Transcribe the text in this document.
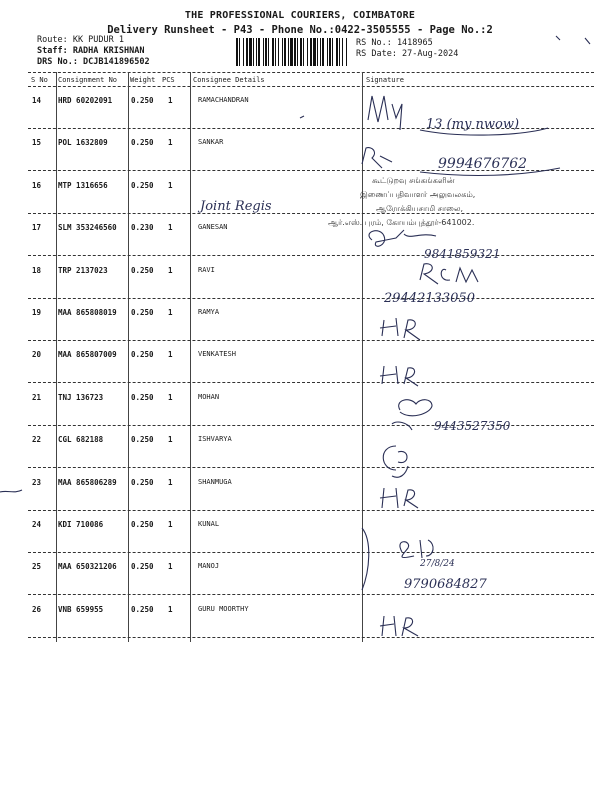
THE PROFESSIONAL COURIERS, COIMBATORE
Delivery Runsheet - P43 - Phone No.:0422-3505555 - Page No.:2
Route: KK PUDUR 1
Staff: RADHA KRISHNAN
DRS No.: DCJB141896502
RS No.: 1418965
RS Date: 27-Aug-2024
S No Consignment No Weight PCS	Consignee Details	Signature
14 HRD 60202091	0.250 1	RAMACHANDRAN
15 POL 1632809	0.250 1	SANKAR
16 MTP 1316656	0.250 1
17 SLM 353246560 0.230 1	GANESAN
18 TRP 2137023	0.250 1	RAVI
19 MAA 865808019 0.250 1	RAMYA
20 MAA 865807009 0.250 1	VENKATESH
21 TNJ 136723	0.250 1	MOHAN
22 CGL 682188	0.250 1	ISHVARYA
23 MAA 865806289 0.250 1	SHANMUGA
24 KDI 710086	0.250 1	KUNAL
25 MAA 650321206 0.250 1	MANOJ
26 VNB 659955	0.250 1	GURU MOORTHY
13 (my nwow)
9994676762
கூட்டுறவு சங்கங்களின்
இணைப்பதிவாளர் அலுவலகம்,
ஆரோக்கியசாமி சாலை,
ஆர்.எஸ். புரம், கோயம்புத்தூர்-641002.
Joint Regis
9841859321
29442133050
9443527350
27/8/24
9790684827
